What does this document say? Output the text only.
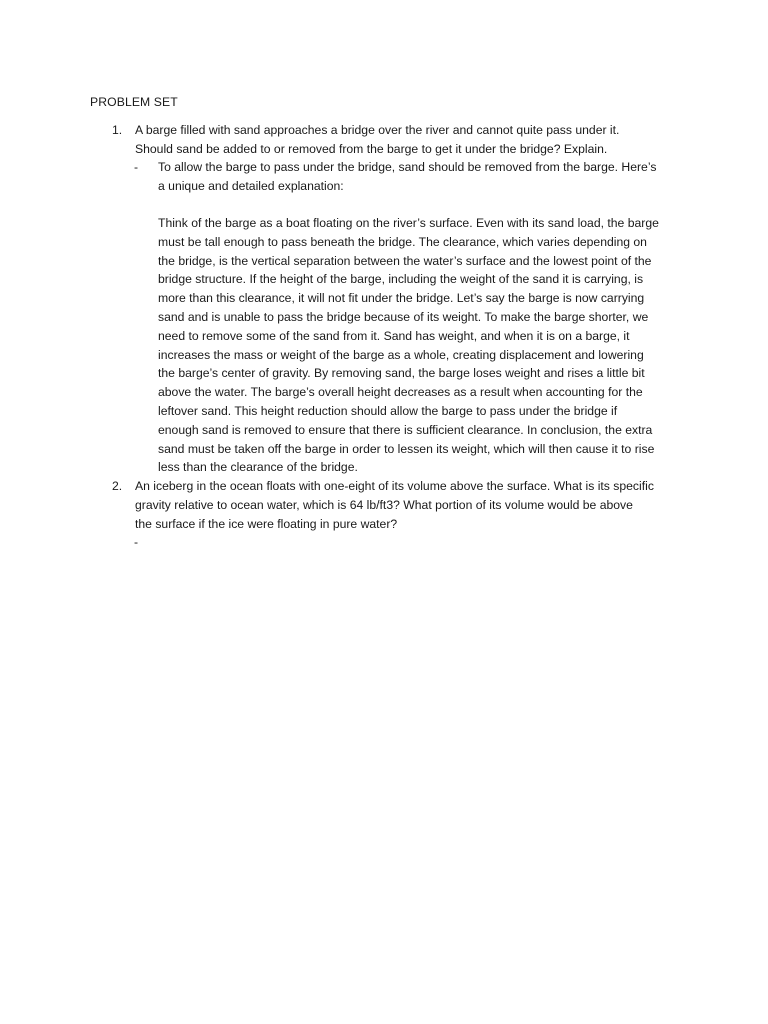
PROBLEM SET
1. A barge filled with sand approaches a bridge over the river and cannot quite pass under it.
Should sand be added to or removed from the barge to get it under the bridge? Explain.
- To allow the barge to pass under the bridge, sand should be removed from the barge. Here’s
a unique and detailed explanation:
Think of the barge as a boat floating on the river’s surface. Even with its sand load, the barge
must be tall enough to pass beneath the bridge. The clearance, which varies depending on
the bridge, is the vertical separation between the water’s surface and the lowest point of the
bridge structure. If the height of the barge, including the weight of the sand it is carrying, is
more than this clearance, it will not fit under the bridge. Let’s say the barge is now carrying
sand and is unable to pass the bridge because of its weight. To make the barge shorter, we
need to remove some of the sand from it. Sand has weight, and when it is on a barge, it
increases the mass or weight of the barge as a whole, creating displacement and lowering
the barge’s center of gravity. By removing sand, the barge loses weight and rises a little bit
above the water. The barge’s overall height decreases as a result when accounting for the
leftover sand. This height reduction should allow the barge to pass under the bridge if
enough sand is removed to ensure that there is sufficient clearance. In conclusion, the extra
sand must be taken off the barge in order to lessen its weight, which will then cause it to rise
less than the clearance of the bridge.
2. An iceberg in the ocean floats with one-eight of its volume above the surface. What is its specific
gravity relative to ocean water, which is 64 lb/ft3? What portion of its volume would be above
the surface if the ice were floating in pure water?
-
